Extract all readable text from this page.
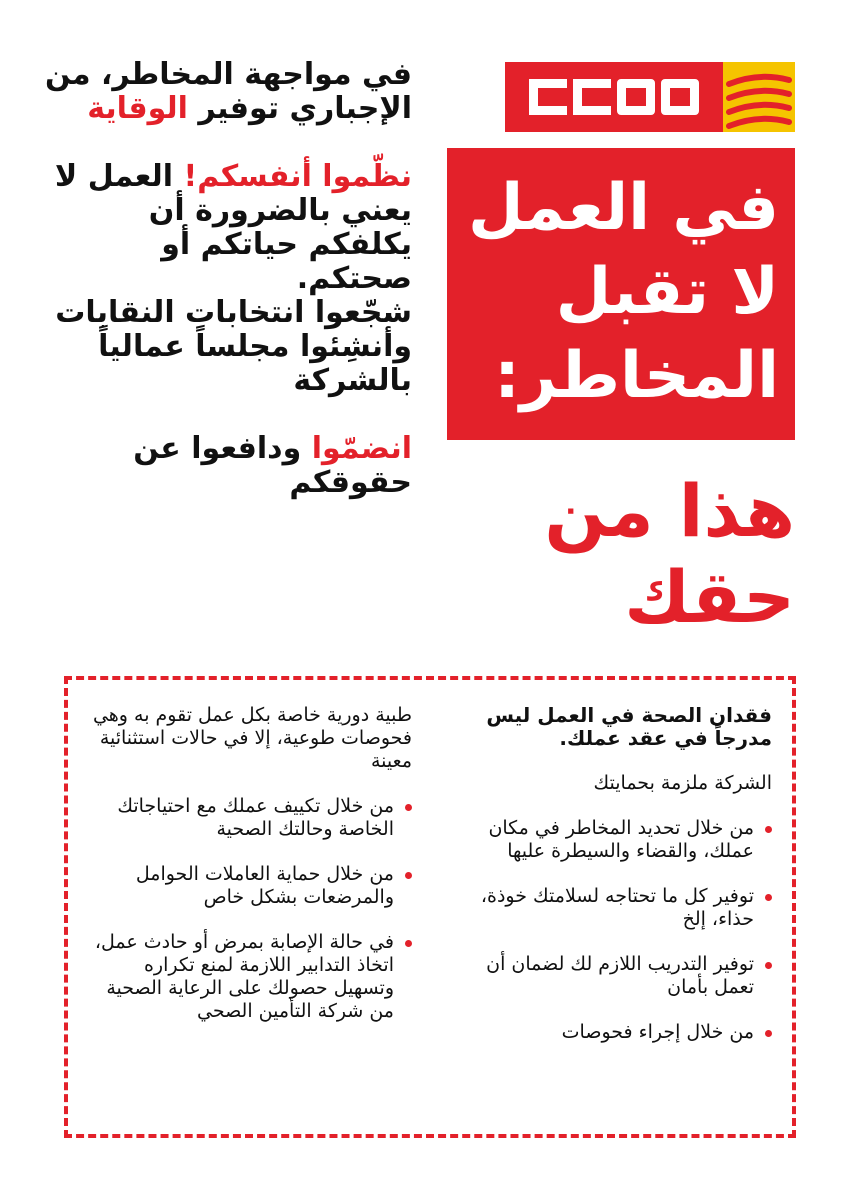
في العمل
لا تقبل
المخاطر:
هذا من
حقك

في مواجهة المخاطر، من الإجباري توفير الوقاية

نظّموا أنفسكم! العمل لا يعني بالضرورة أن يكلفكم حياتكم أو صحتكم.

شجّعوا انتخابات النقابات وأنشِئوا مجلساً عمالياً بالشركة

انضمّوا ودافعوا عن حقوقكم

فقدان الصحة في العمل ليس مدرجاً في عقد عملك.

الشركة ملزمة بحمايتك

من خلال تحديد المخاطر في مكان عملك، والقضاء والسيطرة عليها
توفير كل ما تحتاجه لسلامتك خوذة، حذاء، إلخ
توفير التدريب اللازم لك لضمان أن تعمل بأمان
من خلال إجراء فحوصات

طبية دورية خاصة بكل عمل تقوم به وهي فحوصات طوعية، إلا في حالات استثنائية معينة

من خلال تكييف عملك مع احتياجاتك الخاصة وحالتك الصحية
من خلال حماية العاملات الحوامل والمرضعات بشكل خاص
في حالة الإصابة بمرض أو حادث عمل، اتخاذ التدابير اللازمة لمنع تكراره وتسهيل حصولك على الرعاية الصحية من شركة التأمين الصحي
